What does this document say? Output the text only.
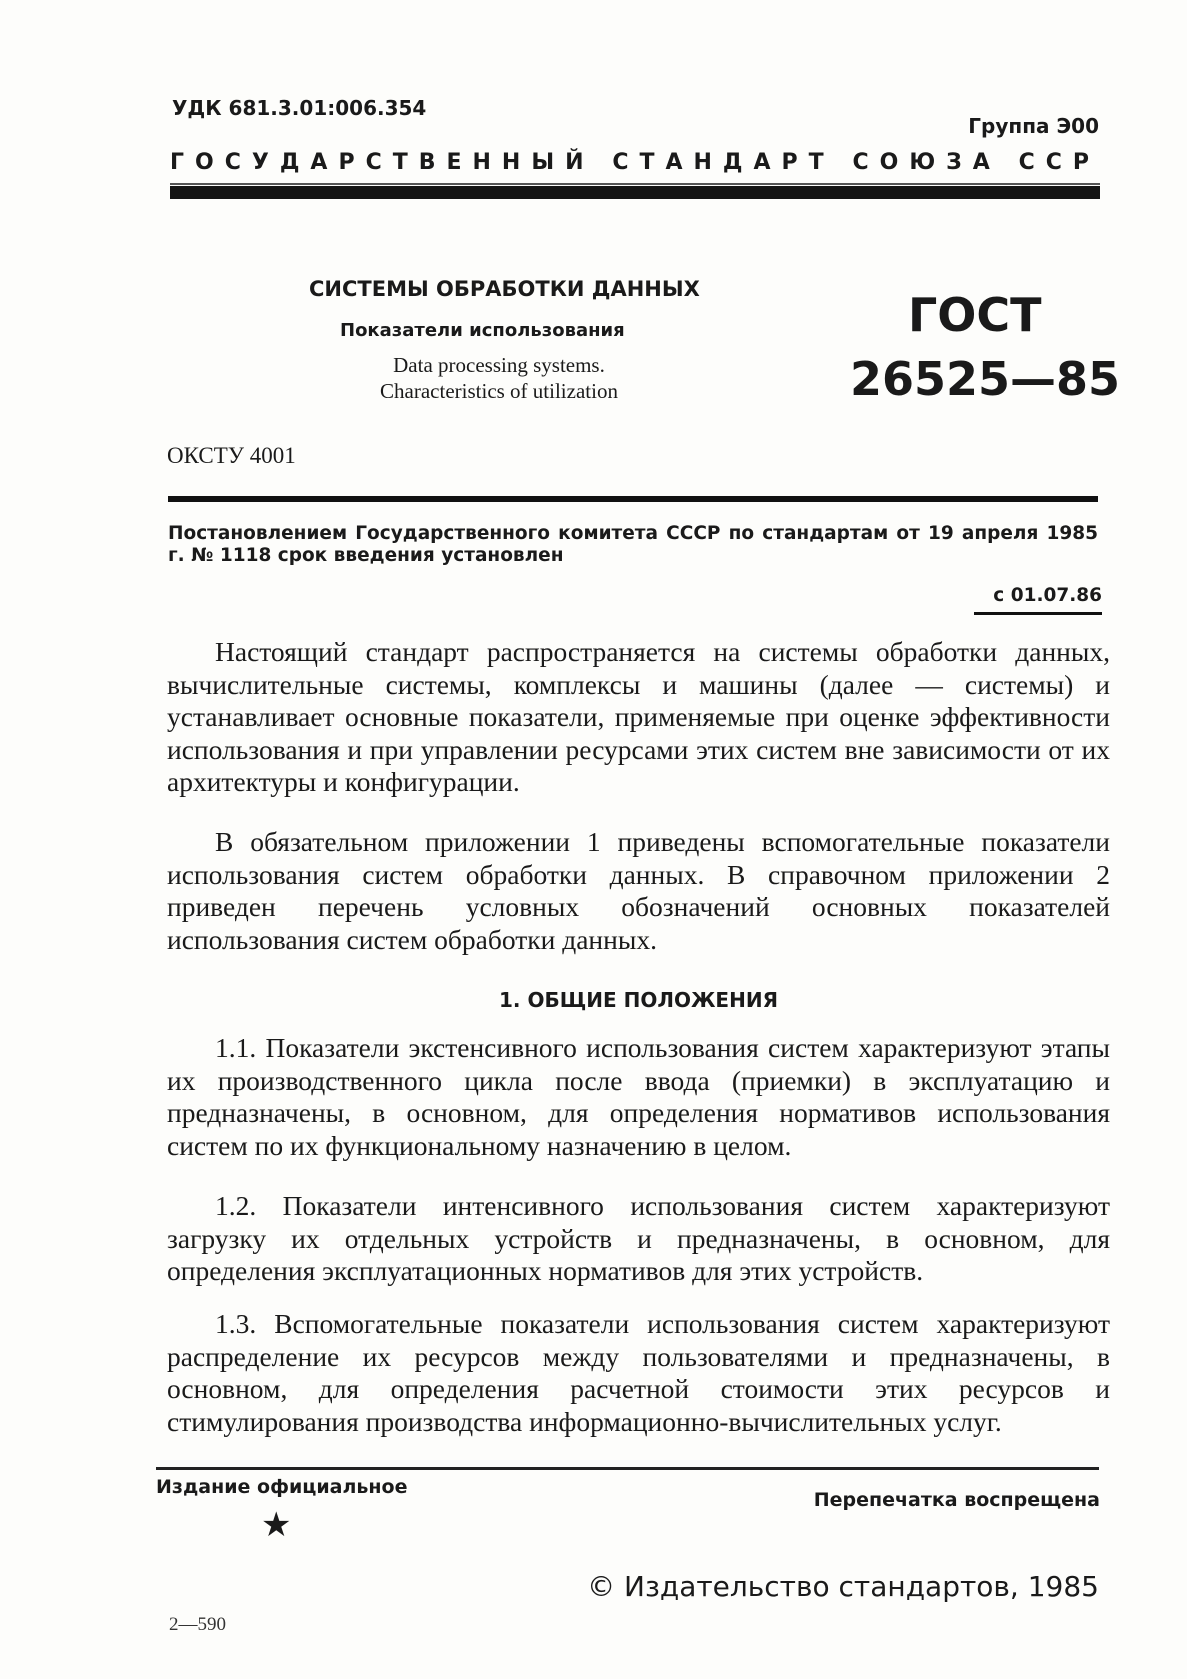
УДК 681.3.01:006.354
Группа Э00
ГОСУДАРСТВЕННЫЙ СТАНДАРТ СОЮЗА ССР
СИСТЕМЫ ОБРАБОТКИ ДАННЫХ
Показатели использования
Data processing systems.
Characteristics of utilization
ГОСТ
26525—85
ОКСТУ 4001
Постановлением Государственного комитета СССР по стандартам от 19 апреля 1985 г. № 1118 срок введения установлен
с 01.07.86

Настоящий стандарт распространяется на системы обработки данных, вычислительные системы, комплексы и машины (далее — системы) и устанавливает основные показатели, применяемые при оценке эффективности использования и при управлении ресурсами этих систем вне зависимости от их архитектуры и конфигурации.

В обязательном приложении 1 приведены вспомогательные показатели использования систем обработки данных. В справочном приложении 2 приведен перечень условных обозначений основных показателей использования систем обработки данных.

1. ОБЩИЕ ПОЛОЖЕНИЯ

1.1. Показатели экстенсивного использования систем характеризуют этапы их производственного цикла после ввода (приемки) в эксплуатацию и предназначены, в основном, для определения нормативов использования систем по их функциональному назначению в целом.

1.2. Показатели интенсивного использования систем характеризуют загрузку их отдельных устройств и предназначены, в основном, для определения эксплуатационных нормативов для этих устройств.

1.3. Вспомогательные показатели использования систем характеризуют распределение их ресурсов между пользователями и предназначены, в основном, для определения расчетной стоимости этих ресурсов и стимулирования производства информационно-вычислительных услуг.

Издание официальное
Перепечатка воспрещена
★
© Издательство стандартов, 1985
2—590
